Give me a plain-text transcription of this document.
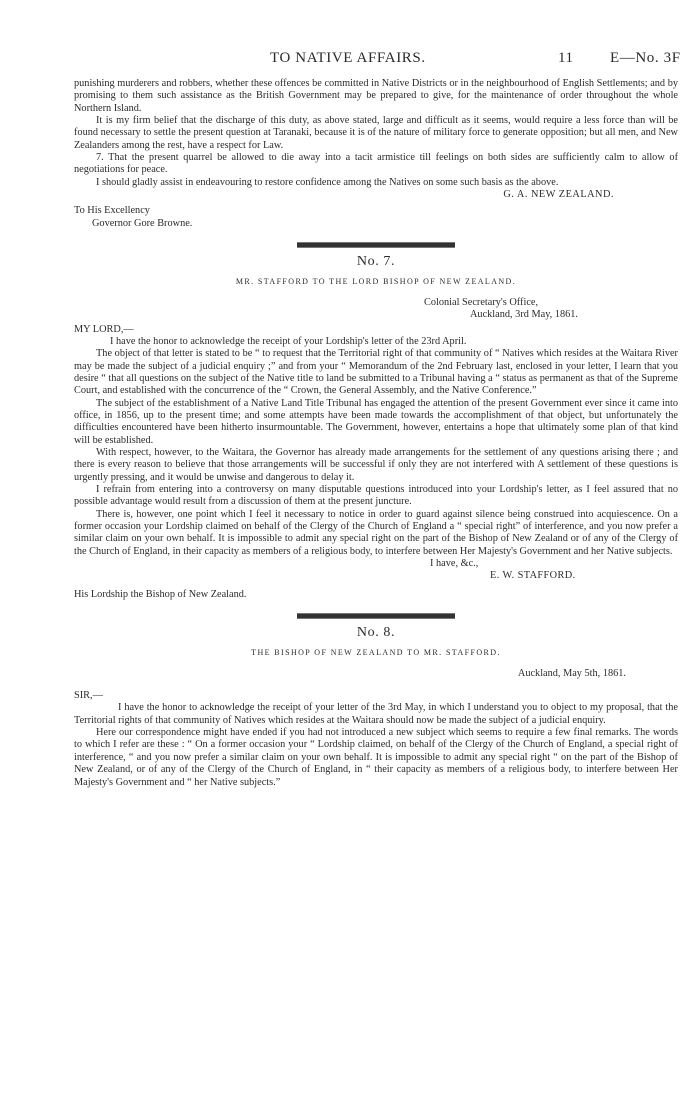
TO NATIVE AFFAIRS.	11 E—No. 3F

punishing murderers and robbers, whether these offences be committed in Native Districts or in the neighbourhood of English Settlements; and by promising to them such assistance as the British Government may be prepared to give, for the maintenance of order throughout the whole Northern Island.

It is my firm belief that the discharge of this duty, as above stated, large and difficult as it seems, would require a less force than will be found necessary to settle the present question at Taranaki, because it is of the nature of military force to generate opposition; but all men, and New Zealanders among the rest, have a respect for Law.

7. That the present quarrel be allowed to die away into a tacit armistice till feelings on both sides are sufficiently calm to allow of negotiations for peace.

I should gladly assist in endeavouring to restore confidence among the Natives on some such basis as the above.

G. A. NEW ZEALAND.

To His Excellency

Governor Gore Browne.

No. 7.
MR. STAFFORD TO THE LORD BISHOP OF NEW ZEALAND.

Colonial Secretary's Office,

Auckland, 3rd May, 1861.

MY LORD,—

I have the honor to acknowledge the receipt of your Lordship's letter of the 23rd April.

The object of that letter is stated to be “ to request that the Territorial right of that community of “ Natives which resides at the Waitara River may be made the subject of a judicial enquiry ;” and from your “ Memorandum of the 2nd February last, enclosed in your letter, I learn that you desire “ that all questions on the subject of the Native title to land be submitted to a Tribunal having a “ status as permanent as that of the Supreme Court, and established with the concurrence of the “ Crown, the General Assembly, and the Native Conference.”

The subject of the establishment of a Native Land Title Tribunal has engaged the attention of the present Government ever since it came into office, in 1856, up to the present time; and some attempts have been made towards the accomplishment of that object, but unfortunately the difficulties encountered have been hitherto insurmountable. The Government, however, entertains a hope that ultimately some plan of that kind will be established.

With respect, however, to the Waitara, the Governor has already made arrangements for the settlement of any questions arising there ; and there is every reason to believe that those arrangements will be successful if only they are not interfered with A settlement of these questions is urgently pressing, and it would be unwise and dangerous to delay it.

I refrain from entering into a controversy on many disputable questions introduced into your Lordship's letter, as I feel assured that no possible advantage would result from a discussion of them at the present juncture.

There is, however, one point which I feel it necessary to notice in order to guard against silence being construed into acquiescence. On a former occasion your Lordship claimed on behalf of the Clergy of the Church of England a “ special right” of interference, and you now prefer a similar claim on your own behalf. It is impossible to admit any special right on the part of the Bishop of New Zealand or of any of the Clergy of the Church of England, in their capacity as members of a religious body, to interfere between Her Majesty's Government and her Native subjects.

I have, &c.,

E. W. STAFFORD.

His Lordship the Bishop of New Zealand.

No. 8.
THE BISHOP OF NEW ZEALAND TO MR. STAFFORD.

Auckland, May 5th, 1861.

SIR,—

I have the honor to acknowledge the receipt of your letter of the 3rd May, in which I understand you to object to my proposal, that the Territorial rights of that community of Natives which resides at the Waitara should now be made the subject of a judicial enquiry.

Here our correspondence might have ended if you had not introduced a new subject which seems to require a few final remarks. The words to which I refer are these : “ On a former occasion your “ Lordship claimed, on behalf of the Clergy of the Church of England, a special right of interference, “ and you now prefer a similar claim on your own behalf. It is impossible to admit any special right “ on the part of the Bishop of New Zealand, or of any of the Clergy of the Church of England, in “ their capacity as members of a religious body, to interfere between Her Majesty's Government and “ her Native subjects.”
